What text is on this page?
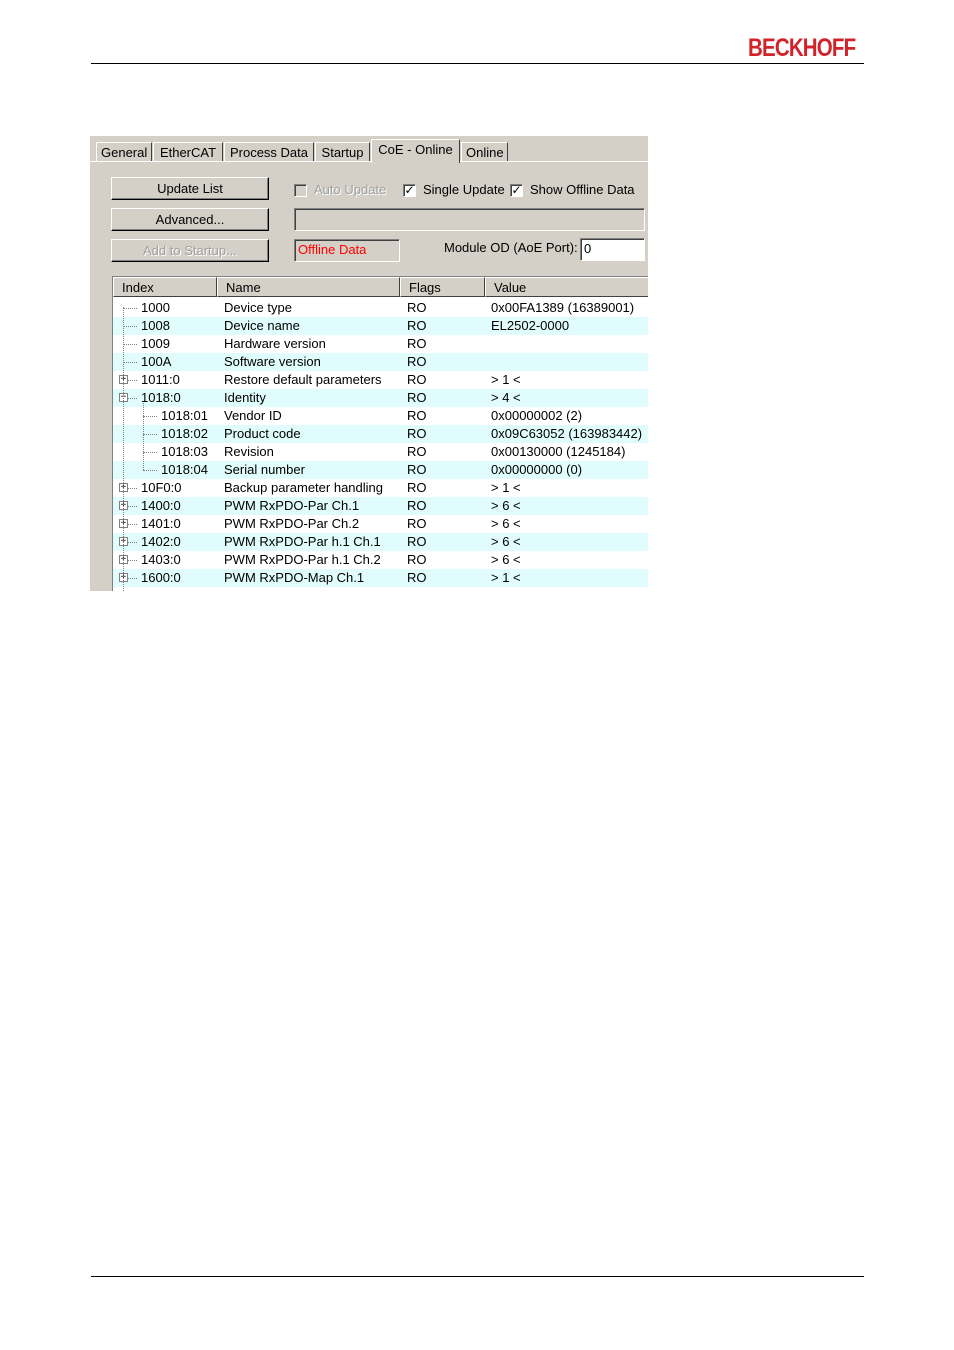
BECKHOFF
General EtherCAT	Process Data	Startup	CoE - Online	Online
Update List
Advanced...
Add to Startup...
Auto Update ✓ Single Update ✓ Show Offline Data
Offline Data	Module OD (AoE Port): 0
Index	Name	Flags	Value
1000	Device type	RO	0x00FA1389 (16389001)
1008	Device name	RO	EL2502-0000
1009	Hardware version	RO
100A	Software version	RO
+ 1011:0	Restore default parameters RO	> 1 <
− 1018:0	Identity	RO	> 4 <
1018:01 Vendor ID	RO	0x00000002 (2)
1018:02 Product code	RO	0x09C63052 (163983442)
1018:03 Revision	RO	0x00130000 (1245184)
1018:04 Serial number	RO	0x00000000 (0)
+ 10F0:0	Backup parameter handling RO	> 1 <
+ 1400:0	PWM RxPDO-Par Ch.1	RO	> 6 <
+ 1401:0	PWM RxPDO-Par Ch.2	RO	> 6 <
+ 1402:0	PWM RxPDO-Par h.1 Ch.1 RO	> 6 <
+ 1403:0	PWM RxPDO-Par h.1 Ch.2 RO	> 6 <
+ 1600:0	PWM RxPDO-Map Ch.1	RO	> 1 <
